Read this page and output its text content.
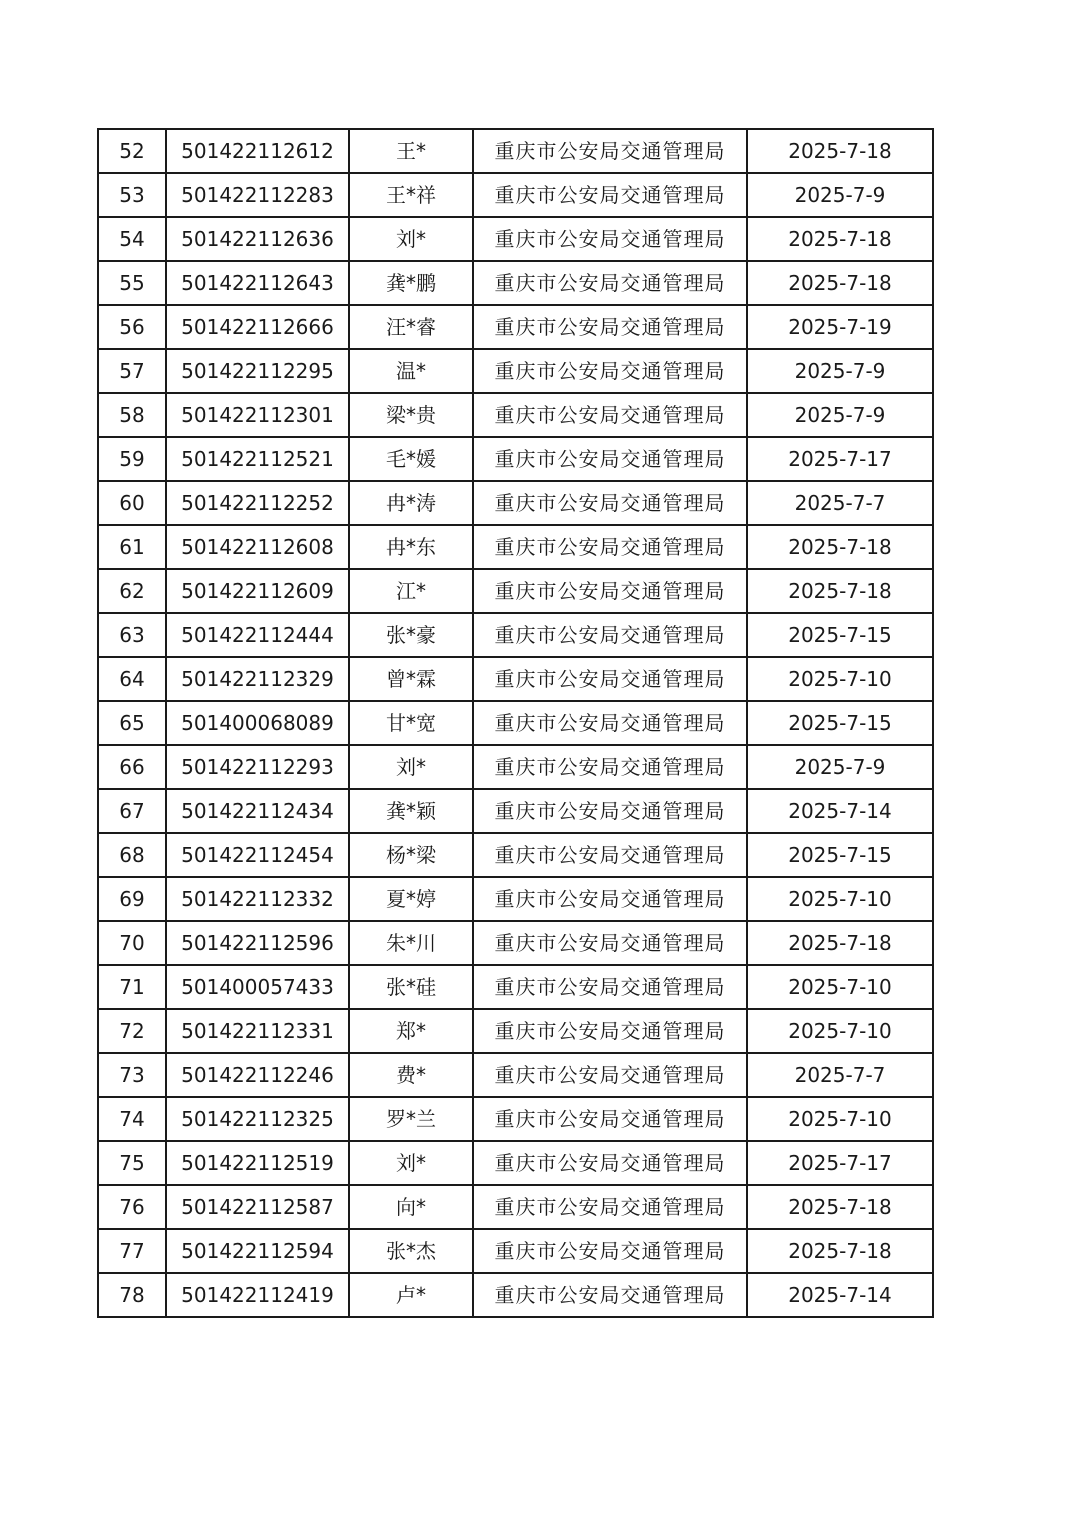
52	501422112612	王*	重庆市公安局交通管理局	2025-7-18
53	501422112283	王*祥	重庆市公安局交通管理局	2025-7-9
54	501422112636	刘*	重庆市公安局交通管理局	2025-7-18
55	501422112643	龚*鹏	重庆市公安局交通管理局	2025-7-18
56	501422112666	汪*睿	重庆市公安局交通管理局	2025-7-19
57	501422112295	温*	重庆市公安局交通管理局	2025-7-9
58	501422112301	梁*贵	重庆市公安局交通管理局	2025-7-9
59	501422112521	毛*媛	重庆市公安局交通管理局	2025-7-17
60	501422112252	冉*涛	重庆市公安局交通管理局	2025-7-7
61	501422112608	冉*东	重庆市公安局交通管理局	2025-7-18
62	501422112609	江*	重庆市公安局交通管理局	2025-7-18
63	501422112444	张*豪	重庆市公安局交通管理局	2025-7-15
64	501422112329	曾*霖	重庆市公安局交通管理局	2025-7-10
65	501400068089	甘*宽	重庆市公安局交通管理局	2025-7-15
66	501422112293	刘*	重庆市公安局交通管理局	2025-7-9
67	501422112434	龚*颖	重庆市公安局交通管理局	2025-7-14
68	501422112454	杨*梁	重庆市公安局交通管理局	2025-7-15
69	501422112332	夏*婷	重庆市公安局交通管理局	2025-7-10
70	501422112596	朱*川	重庆市公安局交通管理局	2025-7-18
71	501400057433	张*硅	重庆市公安局交通管理局	2025-7-10
72	501422112331	郑*	重庆市公安局交通管理局	2025-7-10
73	501422112246	费*	重庆市公安局交通管理局	2025-7-7
74	501422112325	罗*兰	重庆市公安局交通管理局	2025-7-10
75	501422112519	刘*	重庆市公安局交通管理局	2025-7-17
76	501422112587	向*	重庆市公安局交通管理局	2025-7-18
77	501422112594	张*杰	重庆市公安局交通管理局	2025-7-18
78	501422112419	卢*	重庆市公安局交通管理局	2025-7-14
